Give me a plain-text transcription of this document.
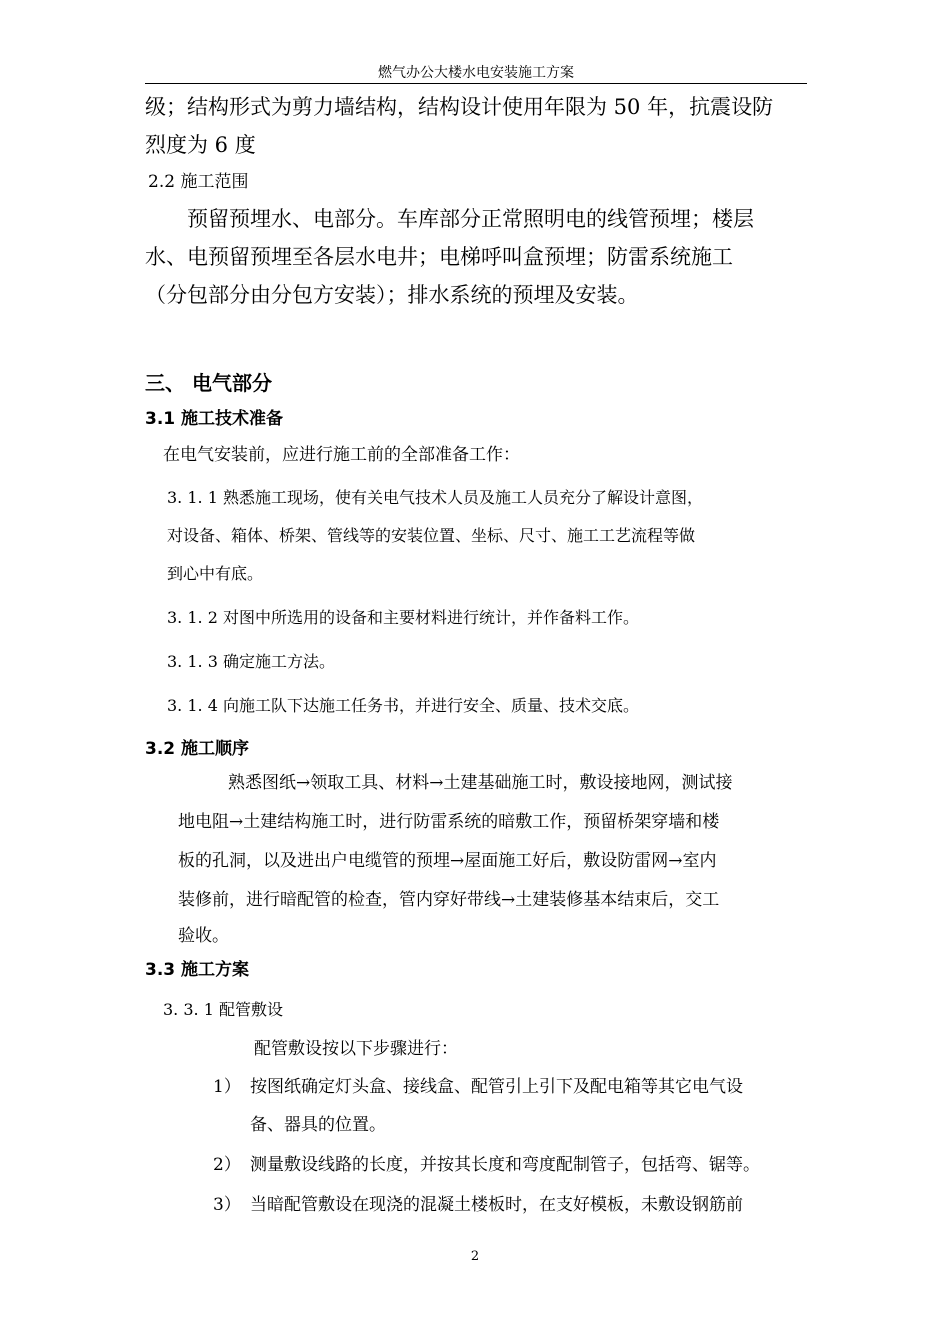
燃气办公大楼水电安装施工方案
级；结构形式为剪力墙结构，结构设计使用年限为 50 年，抗震设防
烈度为 6 度
2.2 施工范围
预留预埋水、电部分。车库部分正常照明电的线管预埋；楼层
水、电预留预埋至各层水电井；电梯呼叫盒预埋；防雷系统施工
（分包部分由分包方安装）；排水系统的预埋及安装。
三、 电气部分
3.1 施工技术准备
在电气安装前，应进行施工前的全部准备工作：
3. 1. 1 熟悉施工现场，使有关电气技术人员及施工人员充分了解设计意图，
对设备、箱体、桥架、管线等的安装位置、坐标、尺寸、施工工艺流程等做
到心中有底。
3. 1. 2 对图中所选用的设备和主要材料进行统计，并作备料工作。
3. 1. 3 确定施工方法。
3. 1. 4 向施工队下达施工任务书，并进行安全、质量、技术交底。
3.2 施工顺序
熟悉图纸→领取工具、材料→土建基础施工时，敷设接地网，测试接
地电阻→土建结构施工时，进行防雷系统的暗敷工作，预留桥架穿墙和楼
板的孔洞，以及进出户电缆管的预埋→屋面施工好后，敷设防雷网→室内
装修前，进行暗配管的检查，管内穿好带线→土建装修基本结束后，交工
验收。
3.3 施工方案
3. 3. 1 配管敷设
配管敷设按以下步骤进行：
1） 按图纸确定灯头盒、接线盒、配管引上引下及配电箱等其它电气设
备、器具的位置。
2） 测量敷设线路的长度，并按其长度和弯度配制管子，包括弯、锯等。
3） 当暗配管敷设在现浇的混凝土楼板时，在支好模板，未敷设钢筋前
2
